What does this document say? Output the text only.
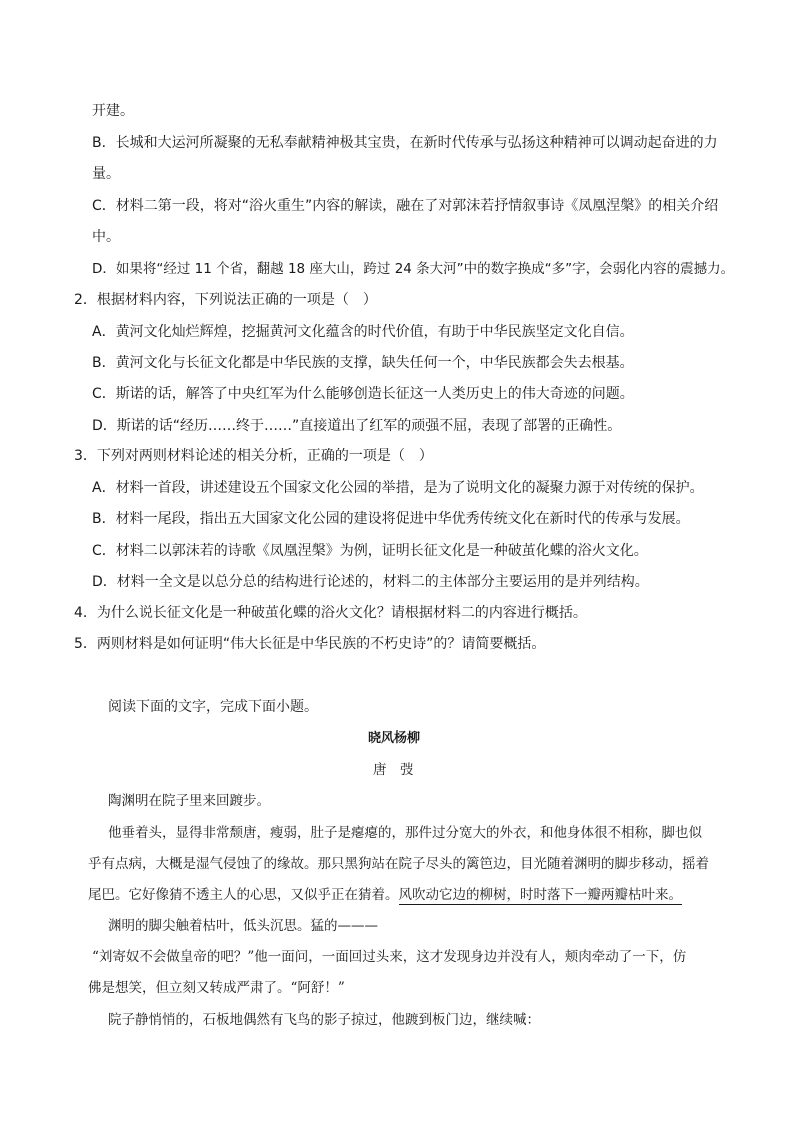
开建。
B．长城和大运河所凝聚的无私奉献精神极其宝贵，在新时代传承与弘扬这种精神可以调动起奋进的力
量。
C．材料二第一段，将对“浴火重生”内容的解读，融在了对郭沫若抒情叙事诗《凤凰涅槃》的相关介绍
中。
D．如果将“经过 11 个省，翻越 18 座大山，跨过 24 条大河”中的数字换成“多”字，会弱化内容的震撼力。
2．根据材料内容，下列说法正确的一项是（　）
A．黄河文化灿烂辉煌，挖掘黄河文化蕴含的时代价值，有助于中华民族坚定文化自信。
B．黄河文化与长征文化都是中华民族的支撑，缺失任何一个，中华民族都会失去根基。
C．斯诺的话，解答了中央红军为什么能够创造长征这一人类历史上的伟大奇迹的问题。
D．斯诺的话“经历……终于……”直接道出了红军的顽强不屈，表现了部署的正确性。
3．下列对两则材料论述的相关分析，正确的一项是（　）
A．材料一首段，讲述建设五个国家文化公园的举措，是为了说明文化的凝聚力源于对传统的保护。
B．材料一尾段，指出五大国家文化公园的建设将促进中华优秀传统文化在新时代的传承与发展。
C．材料二以郭沫若的诗歌《凤凰涅槃》为例，证明长征文化是一种破茧化蝶的浴火文化。
D．材料一全文是以总分总的结构进行论述的，材料二的主体部分主要运用的是并列结构。
4．为什么说长征文化是一种破茧化蝶的浴火文化？请根据材料二的内容进行概括。
5．两则材料是如何证明“伟大长征是中华民族的不朽史诗”的？请简要概括。
阅读下面的文字，完成下面小题。
晓风杨柳
唐　弢
陶渊明在院子里来回踱步。
他垂着头，显得非常颓唐，瘦弱，肚子是瘪瘪的，那件过分宽大的外衣，和他身体很不相称，脚也似
乎有点病，大概是湿气侵蚀了的缘故。那只黑狗站在院子尽头的篱笆边，目光随着渊明的脚步移动，摇着
尾巴。它好像猜不透主人的心思，又似乎正在猜着。风吹动它边的柳树，时时落下一瓣两瓣枯叶来。
渊明的脚尖触着枯叶，低头沉思。猛的———
“刘寄奴不会做皇帝的吧？”他一面问，一面回过头来，这才发现身边并没有人，颊肉牵动了一下，仿
佛是想笑，但立刻又转成严肃了。“阿舒！”
院子静悄悄的，石板地偶然有飞鸟的影子掠过，他踱到板门边，继续喊：
